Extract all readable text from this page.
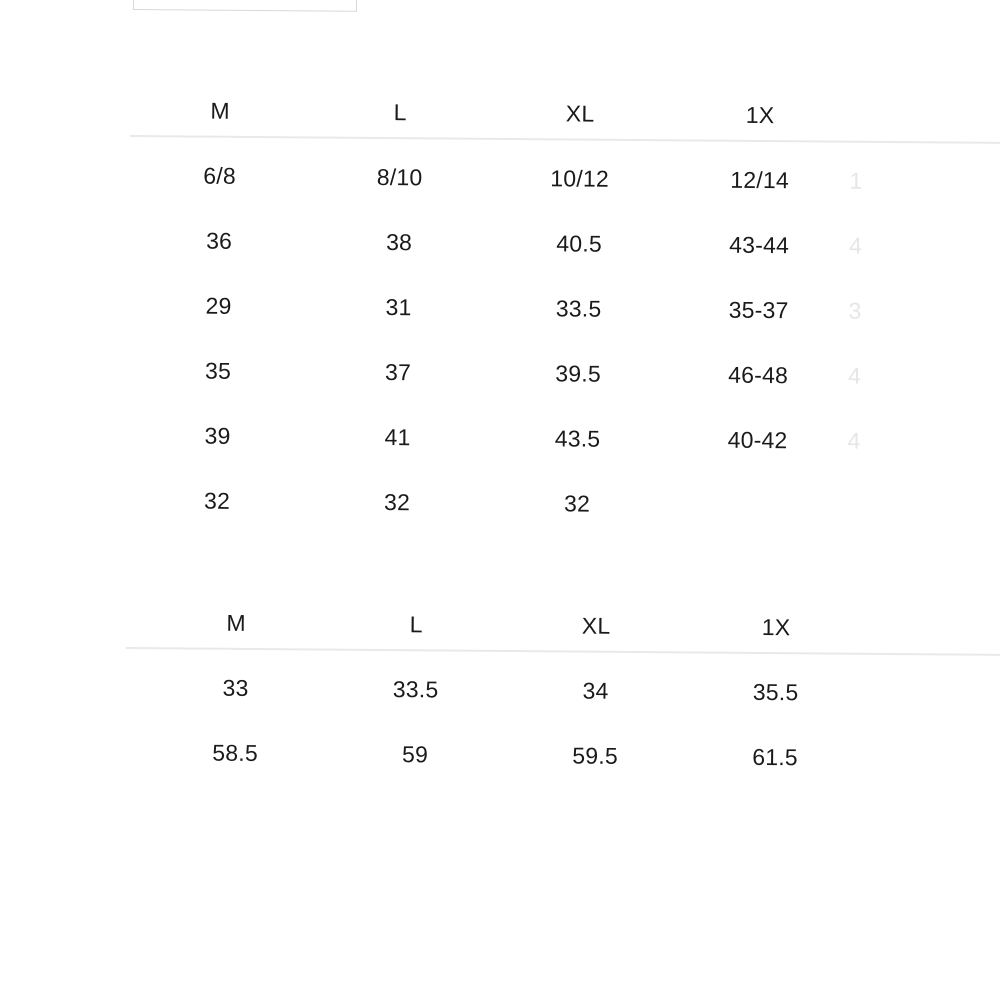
M	L	XL	1X
6/8	8/10	10/12	12/14	1
36	38	40.5	43-44	4
29	31	33.5	35-37	3
35	37	39.5	46-48	4
39	41	43.5	40-42	4
32	32	32
M	L	XL	1X
33	33.5	34	35.5
58.5	59	59.5	61.5
